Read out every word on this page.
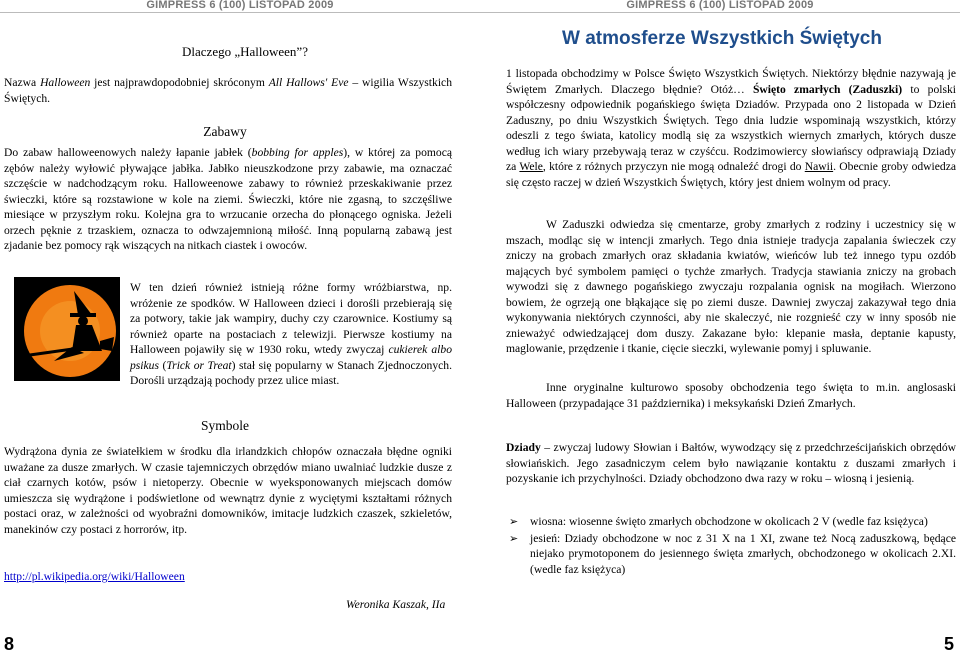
GIMPRESS 6 (100) LISTOPAD 2009
Dlaczego „Halloween”?
Nazwa Halloween jest najprawdopodobniej skróconym All Hallows' Eve – wigilia Wszystkich Świętych.
Zabawy
Do zabaw halloweenowych należy łapanie jabłek (bobbing for apples), w której za pomocą zębów należy wyłowić pływające jabłka. Jabłko nieuszkodzone przy zabawie, ma oznaczać szczęście w nadchodzącym roku. Halloweenowe zabawy to również przeskakiwanie przez świeczki, które są rozstawione w kole na ziemi. Świeczki, które nie zgasną, to szczęśliwe miesiące w przyszłym roku. Kolejna gra to wrzucanie orzecha do płonącego ogniska. Jeżeli orzech pęknie z trzaskiem, oznacza to odwzajemnioną miłość. Inną popularną zabawą jest zjadanie bez pomocy rąk wiszących na nitkach ciastek i owoców.
W ten dzień również istnieją różne formy wróżbiarstwa, np. wróżenie ze spodków. W Halloween dzieci i dorośli przebierają się za potwory, takie jak wampiry, duchy czy czarownice. Kostiumy są również oparte na postaciach z telewizji. Pierwsze kostiumy na Halloween pojawiły się w 1930 roku, wtedy zwyczaj cukierek albo psikus (Trick or Treat) stał się popularny w Stanach Zjednoczonych. Dorośli urządzają pochody przez ulice miast.
Symbole
Wydrążona dynia ze światełkiem w środku dla irlandzkich chłopów oznaczała błędne ogniki uważane za dusze zmarłych. W czasie tajemniczych obrzędów miano uwalniać ludzkie dusze z ciał czarnych kotów, psów i nietoperzy. Obecnie w wyeksponowanych miejscach domów umieszcza się wydrążone i podświetlone od wewnątrz dynie z wyciętymi kształtami różnych postaci oraz, w zależności od wyobraźni domowników, imitacje ludzkich czaszek, szkieletów, manekinów czy postaci z horrorów, itp.
http://pl.wikipedia.org/wiki/Halloween
Weronika Kaszak, IIa
8
GIMPRESS 6 (100) LISTOPAD 2009
W atmosferze Wszystkich Świętych
1 listopada obchodzimy w Polsce Święto Wszystkich Świętych. Niektórzy błędnie nazywają je Świętem Zmarłych. Dlaczego błędnie? Otóż… Święto zmarłych (Zaduszki) to polski współczesny odpowiednik pogańskiego święta Dziadów. Przypada ono 2 listopada w Dzień Zaduszny, po dniu Wszystkich Świętych. Tego dnia ludzie wspominają wszystkich, którzy odeszli z tego świata, katolicy modlą się za wszystkich wiernych zmarłych, których dusze według ich wiary przebywają teraz w czyśćcu. Rodzimowiercy słowiańscy odprawiają Dziady za Wele, które z różnych przyczyn nie mogą odnaleźć drogi do Nawii. Obecnie groby odwiedza się często raczej w dzień Wszystkich Świętych, który jest dniem wolnym od pracy.
W Zaduszki odwiedza się cmentarze, groby zmarłych z rodziny i uczestnicy się w mszach, modląc się w intencji zmarłych. Tego dnia istnieje tradycja zapalania świeczek czy zniczy na grobach zmarłych oraz składania kwiatów, wieńców lub też innego typu ozdób mających być symbolem pamięci o tychże zmarłych. Tradycja stawiania zniczy na grobach wywodzi się z dawnego pogańskiego zwyczaju rozpalania ognisk na mogiłach. Wierzono bowiem, że ogrzeją one błąkające się po ziemi dusze. Dawniej zwyczaj zakazywał tego dnia wykonywania niektórych czynności, aby nie skaleczyć, nie rozgnieść czy w inny sposób nie znieważyć odwiedzającej dom duszy. Zakazane było: klepanie masła, deptanie kapusty, maglowanie, przędzenie i tkanie, cięcie sieczki, wylewanie pomyj i spluwanie.
Inne oryginalne kulturowo sposoby obchodzenia tego święta to m.in. anglosaski Halloween (przypadające 31 października) i meksykański Dzień Zmarłych.
Dziady – zwyczaj ludowy Słowian i Bałtów, wywodzący się z przedchrześcijańskich obrzędów słowiańskich. Jego zasadniczym celem było nawiązanie kontaktu z duszami zmarłych i pozyskanie ich przychylności. Dziady obchodzono dwa razy w roku – wiosną i jesienią.
➢ wiosna: wiosenne święto zmarłych obchodzone w okolicach 2 V (wedle faz księżyca)
➢ jesień: Dziady obchodzone w noc z 31 X na 1 XI, zwane też Nocą zaduszkową, będące niejako prymotoponem do jesiennego święta zmarłych, obchodzonego w okolicach 2.XI. (wedle faz księżyca)
5
